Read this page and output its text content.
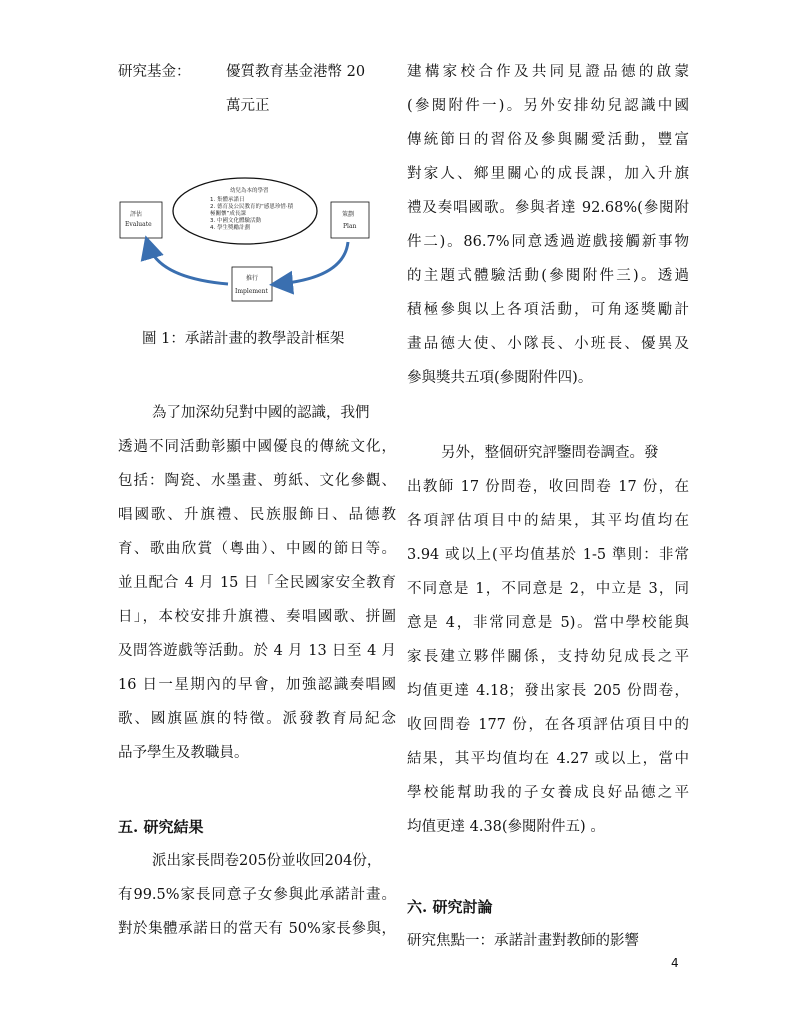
研究基金： 優質教育基金港幣 20
萬元正
幼兒為本的學習
1. 集體承諾日
2. 德育及公民教育的“感恩珍惜‧積
極關懷”成長課
3. 中國文化體驗活動
4. 學生獎勵計劃
評估
Evaluate
策劃
Plan
推行
Implement
圖 1：承諾計畫的教學設計框架
為了加深幼兒對中國的認識，我們
透過不同活動彰顯中國優良的傳統文化，
包括：陶瓷、水墨畫、剪紙、文化參觀、
唱國歌、升旗禮、民族服飾日、品德教
育、歌曲欣賞（粵曲）、中國的節日等。
並且配合 4 月 15 日「全民國家安全教育
日」，本校安排升旗禮、奏唱國歌、拼圖
及問答遊戲等活動。於 4 月 13 日至 4 月
16 日一星期內的早會，加強認識奏唱國
歌、國旗區旗的特徵。派發教育局紀念
品予學生及教職員。
五. 研究結果
派出家長問卷205份並收回204份，
有99.5%家長同意子女參與此承諾計畫。
對於集體承諾日的當天有 50%家長參與，
建構家校合作及共同見證品德的啟蒙
(參閱附件一)。另外安排幼兒認識中國
傳統節日的習俗及參與關愛活動，豐富
對家人、鄉里關心的成長課，加入升旗
禮及奏唱國歌。參與者達 92.68%(參閱附
件二)。86.7%同意透過遊戲接觸新事物
的主題式體驗活動(參閱附件三)。透過
積極參與以上各項活動，可角逐獎勵計
畫品德大使、小隊長、小班長、優異及
參與獎共五項(參閱附件四)。
另外，整個研究評鑒問卷調查。發
出教師 17 份問卷，收回問卷 17 份，在
各項評估項目中的結果，其平均值均在
3.94 或以上(平均值基於 1-5 準則：非常
不同意是 1，不同意是 2，中立是 3，同
意是 4，非常同意是 5)。當中學校能與
家長建立夥伴關係，支持幼兒成長之平
均值更達 4.18；發出家長 205 份問卷，
收回問卷 177 份，在各項評估項目中的
結果，其平均值均在 4.27 或以上，當中
學校能幫助我的子女養成良好品德之平
均值更達 4.38(參閱附件五) 。
六. 研究討論
研究焦點一：承諾計畫對教師的影響
4
